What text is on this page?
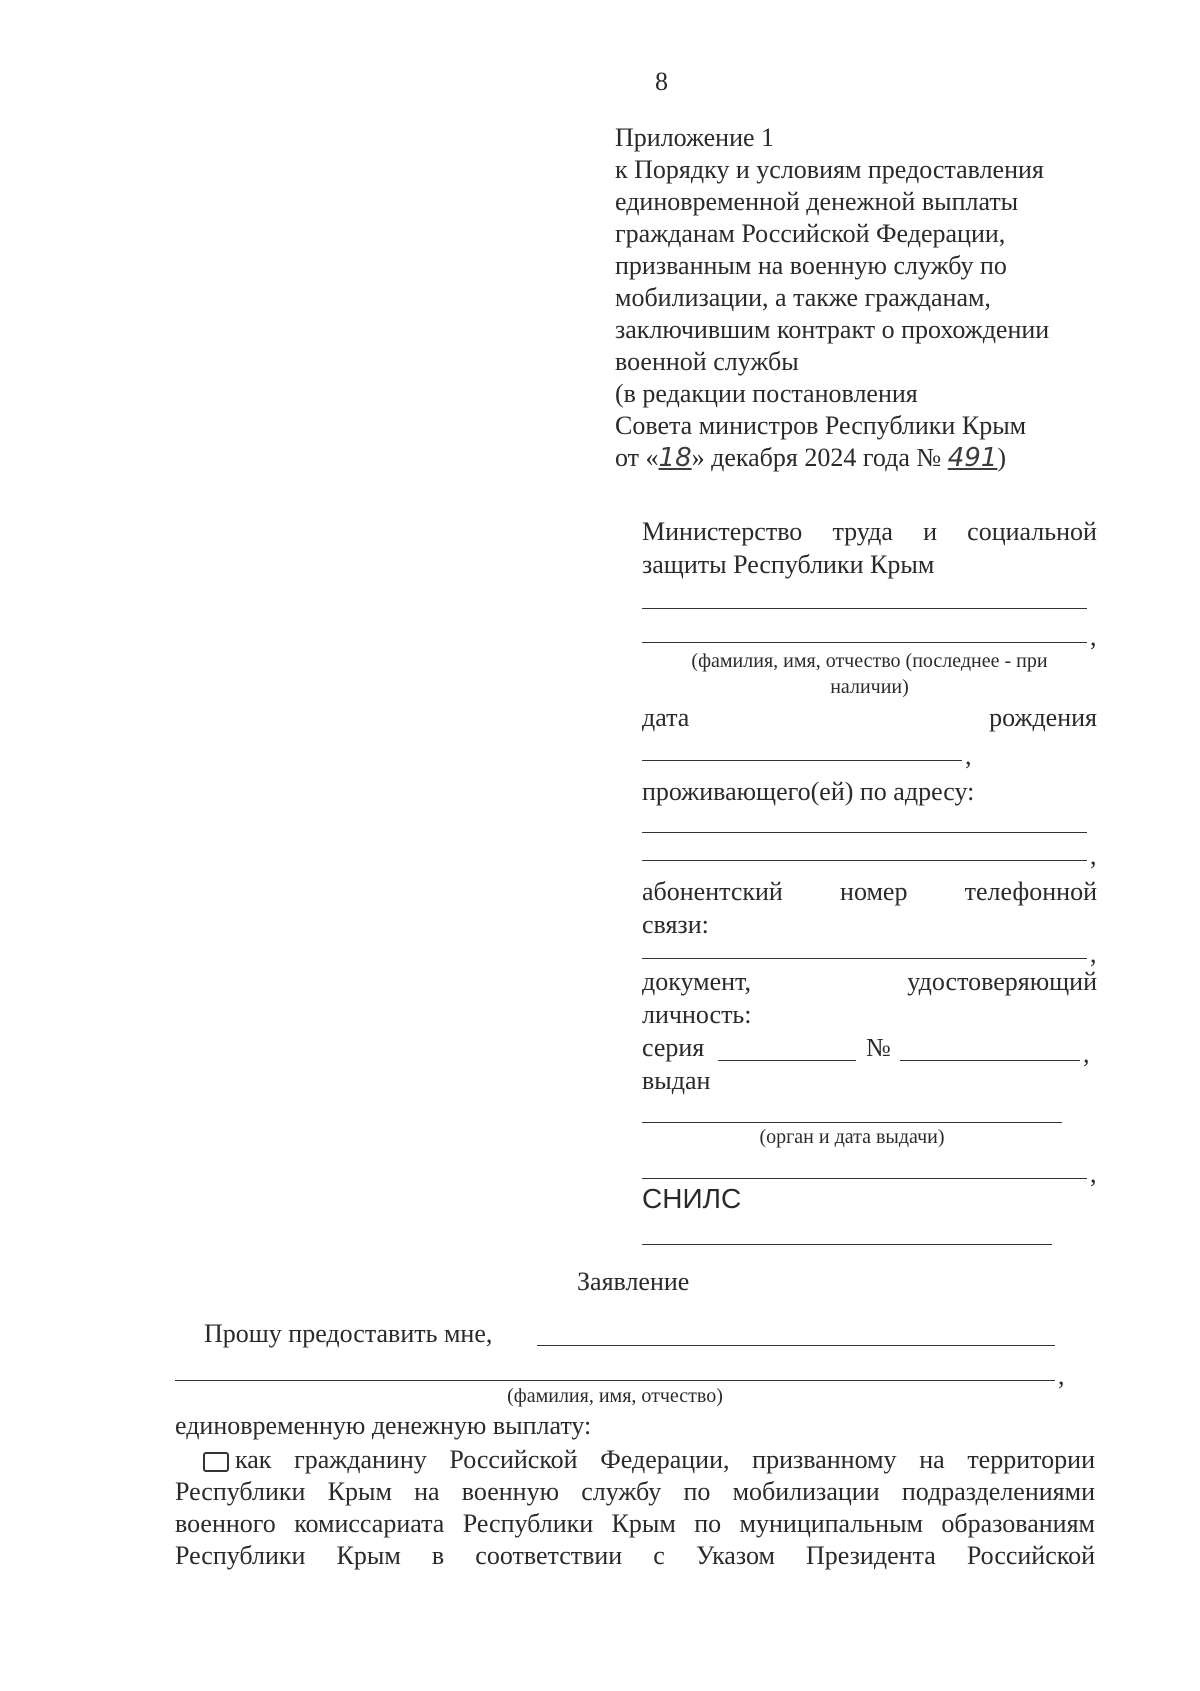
8
Приложение 1
к Порядку и условиям предоставления
единовременной денежной выплаты
гражданам Российской Федерации,
призванным на военную службу по
мобилизации, а также гражданам,
заключившим контракт о прохождении
военной службы
(в редакции постановления
Совета министров Республики Крым
от «18» декабря 2024 года № 491)
Министерство труда и социальной
защиты Республики Крым
,
(фамилия, имя, отчество (последнее - при
наличии)
дата	рождения
,
проживающего(ей) по адресу:
,
абонентский номер телефонной
связи:
,
документ,	удостоверяющий
личность:
серия	№	,
выдан
(орган и дата выдачи)
,
СНИЛС
Заявление
Прошу предоставить мне,
,
(фамилия, имя, отчество)
единовременную денежную выплату:
как гражданину Российской Федерации, призванному на территории
Республики Крым на военную службу по мобилизации подразделениями
военного комиссариата Республики Крым по муниципальным образованиям
Республики Крым в соответствии с Указом Президента Российской
